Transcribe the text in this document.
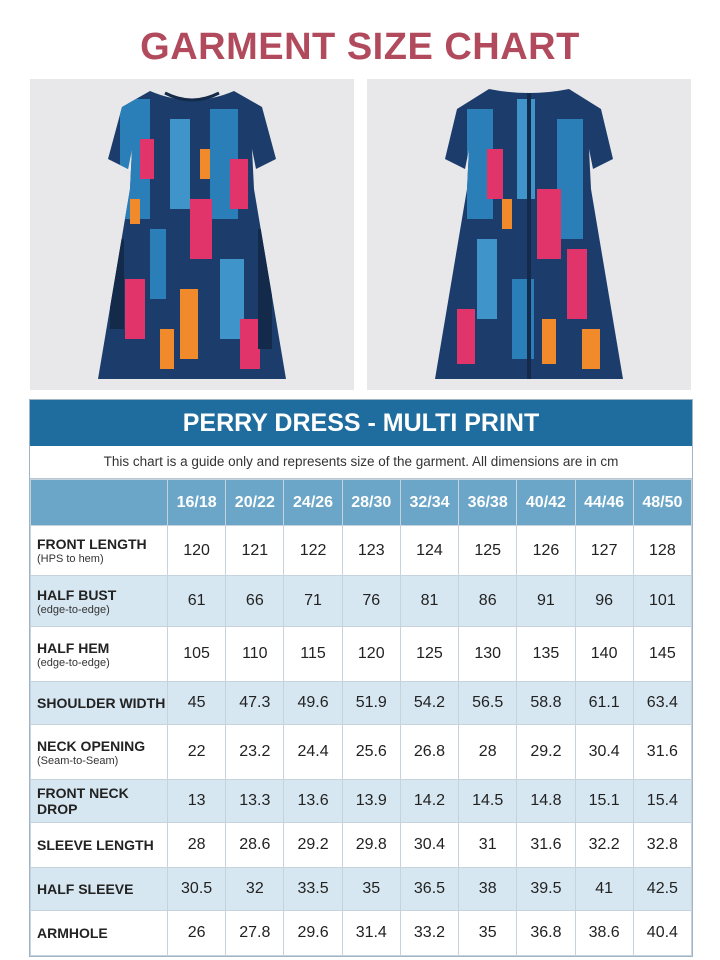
GARMENT SIZE CHART
PERRY DRESS - MULTI PRINT
This chart is a guide only and represents size of the garment. All dimensions are in cm
	16/18	20/22	24/26	28/30	32/34	36/38	40/42	44/46	48/50

FRONT LENGTH
(HPS to hem)	120	121	122	123	124	125	126	127	128

HALF BUST
(edge-to-edge)	61	66	71	76	81	86	91	96	101

HALF HEM
(edge-to-edge)	105	110	115	120	125	130	135	140	145

SHOULDER WIDTH	45	47.3	49.6	51.9	54.2	56.5	58.8	61.1	63.4

NECK OPENING
(Seam-to-Seam)	22	23.2	24.4	25.6	26.8	28	29.2	30.4	31.6

FRONT NECK DROP	13	13.3	13.6	13.9	14.2	14.5	14.8	15.1	15.4

SLEEVE LENGTH	28	28.6	29.2	29.8	30.4	31	31.6	32.2	32.8

HALF SLEEVE	30.5	32	33.5	35	36.5	38	39.5	41	42.5

ARMHOLE	26	27.8	29.6	31.4	33.2	35	36.8	38.6	40.4
